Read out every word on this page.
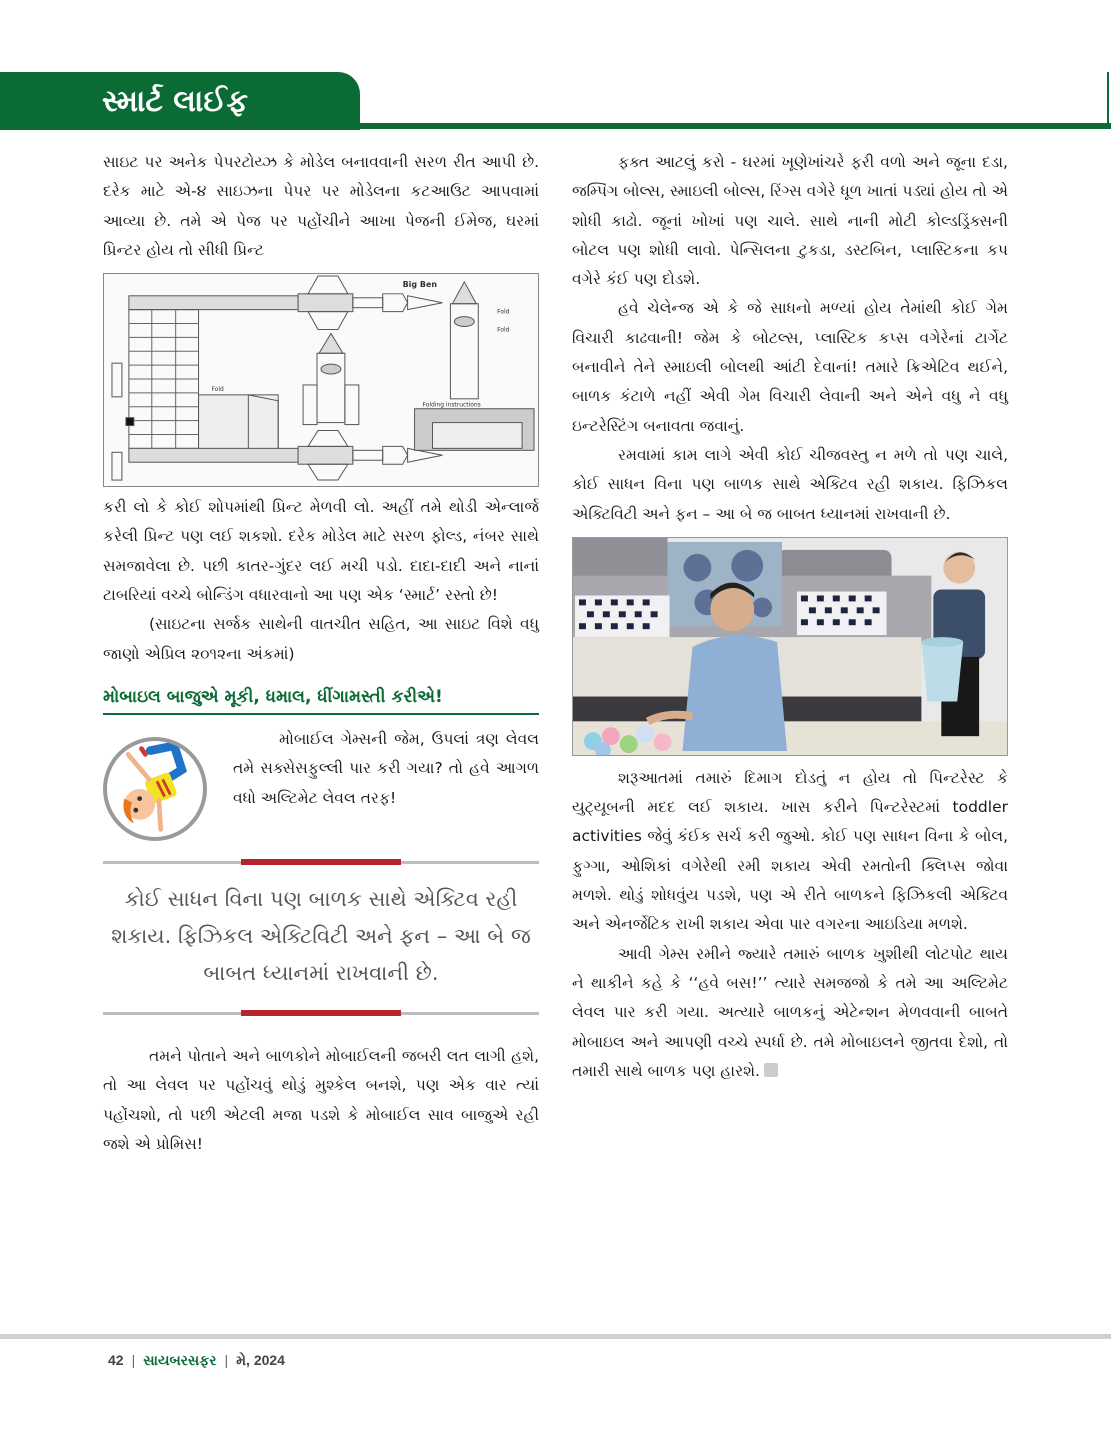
સ્માર્ટ લાઈફ

સાઇટ પર અનેક પેપરટોય્ઝ કે મોડેલ બનાવવાની સરળ રીત આપી છે. દરેક માટે એ-૪ સાઇઝના પેપર પર મોડેલના કટઆઉટ આપવામાં આવ્યા છે. તમે એ પેજ પર પહોંચીને આખા પેજની ઈમેજ, ઘરમાં પ્રિન્ટર હોય તો સીધી પ્રિન્ટ

Big Ben
Fold
Fold
Fold
Folding instructions

કરી લો કે કોઈ શોપમાંથી પ્રિન્ટ મેળવી લો. અહીં તમે થોડી એન્લાર્જ કરેલી પ્રિન્ટ પણ લઈ શકશો. દરેક મોડેલ માટે સરળ ફોલ્ડ, નંબર સાથે સમજાવેલા છે. પછી કાતર-ગુંદર લઈ મચી પડો. દાદા-દાદી અને નાનાં ટાબરિયાં વચ્ચે બોન્ડિંગ વધારવાનો આ પણ એક ‘સ્માર્ટ’ રસ્તો છે!

(સાઇટના સર્જક સાથેની વાતચીત સહિત, આ સાઇટ વિશે વધુ જાણો એપ્રિલ ૨૦૧૨ના અંકમાં)

મોબાઇલ બાજુએ મૂકી, ધમાલ, ધીંગામસ્તી કરીએ!

મોબાઈલ ગેમ્સની જેમ, ઉપલાં ત્રણ લેવલ તમે સક્સેસફુલ્લી પાર કરી ગયા? તો હવે આગળ વધો અલ્ટિમેટ લેવલ તરફ!

કોઈ સાધન વિના પણ બાળક સાથે એક્ટિવ રહી શકાય. ફિઝિકલ એક્ટિવિટી અને ફન – આ બે જ બાબત ધ્યાનમાં રાખવાની છે.

તમને પોતાને અને બાળકોને મોબાઈલની જબરી લત લાગી હશે, તો આ લેવલ પર પહોંચવું થોડું મુશ્કેલ બનશે, પણ એક વાર ત્યાં પહોંચશો, તો પછી એટલી મજા પડશે કે મોબાઈલ સાવ બાજુએ રહી જશે એ પ્રોમિસ!

ફક્ત આટલું કરો - ઘરમાં ખૂણેખાંચરે ફરી વળો અને જૂના દડા, જમ્પિંગ બોલ્સ, સ્માઇલી બોલ્સ, રિંગ્સ વગેરે ધૂળ ખાતાં પડ્યાં હોય તો એ શોધી કાઢો. જૂનાં ખોખાં પણ ચાલે. સાથે નાની મોટી કોલ્ડડ્રિંક્સની બોટલ પણ શોધી લાવો. પેન્સિલના ટુકડા, ડસ્ટબિન, પ્લાસ્ટિકના કપ વગેરે કંઈ પણ દોડશે.

હવે ચેલેન્જ એ કે જે સાધનો મળ્યાં હોય તેમાંથી કોઈ ગેમ વિચારી કાઢવાની! જેમ કે બોટલ્સ, પ્લાસ્ટિક કપ્સ વગેરેનાં ટાર્ગેટ બનાવીને તેને સ્માઇલી બોલથી આંટી દેવાનાં! તમારે ક્રિએટિવ થઈને, બાળક કંટાળે નહીં એવી ગેમ વિચારી લેવાની અને એને વધુ ને વધુ ઇન્ટરેસ્ટિંગ બનાવતા જવાનું.

રમવામાં કામ લાગે એવી કોઈ ચીજવસ્તુ ન મળે તો પણ ચાલે, કોઈ સાધન વિના પણ બાળક સાથે એક્ટિવ રહી શકાય. ફિઝિકલ એક્ટિવિટી અને ફન – આ બે જ બાબત ધ્યાનમાં રાખવાની છે.

શરૂઆતમાં તમારું દિમાગ દોડતું ન હોય તો પિન્ટરેસ્ટ કે યુટ્યૂબની મદદ લઈ શકાય. ખાસ કરીને પિન્ટરેસ્ટમાં toddler activities જેવું કંઈક સર્ચ કરી જુઓ. કોઈ પણ સાધન વિના કે બોલ, ફુગ્ગા, ઓશિકાં વગેરેથી રમી શકાય એવી રમતોની ક્લિપ્સ જોવા મળશે. થોડું શોધવુંય પડશે, પણ એ રીતે બાળકને ફિઝિકલી એક્ટિવ અને એનર્જેટિક રાખી શકાય એવા પાર વગરના આઇડિયા મળશે.

આવી ગેમ્સ રમીને જ્યારે તમારું બાળક ખુશીથી લોટપોટ થાય ને થાકીને કહે કે ‘‘હવે બસ!’’ ત્યારે સમજજો કે તમે આ અલ્ટિમેટ લેવલ પાર કરી ગયા. અત્યારે બાળકનું એટેન્શન મેળવવાની બાબતે મોબાઇલ અને આપણી વચ્ચે સ્પર્ધા છે. તમે મોબાઇલને જીતવા દેશો, તો તમારી સાથે બાળક પણ હારશે.

42 | સાયબરસફર | મે, 2024
